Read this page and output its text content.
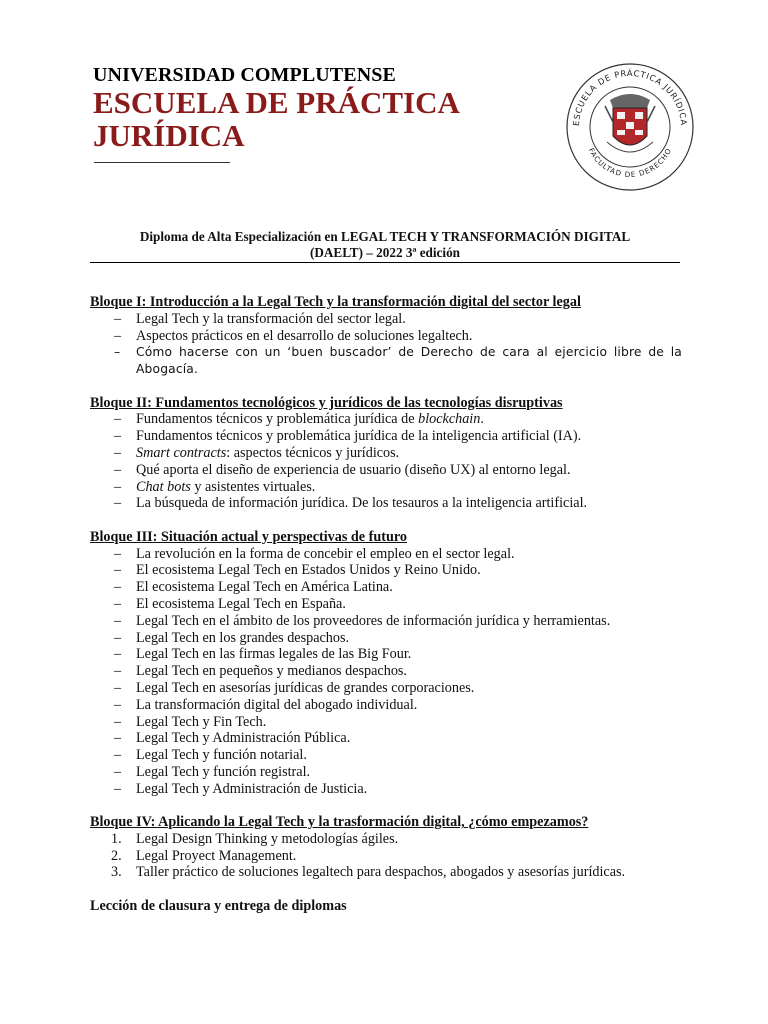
UNIVERSIDAD COMPLUTENSE
ESCUELA DE PRÁCTICA
JURÍDICA	ESCUELA DE PRÁCTICA JURÍDICA
FACULTAD DE DERECHO
Diploma de Alta Especialización en LEGAL TECH Y TRANSFORMACIÓN DIGITAL
(DAELT) – 2022 3ª edición
Bloque I: Introducción a la Legal Tech y la transformación digital del sector legal
– Legal Tech y la transformación del sector legal.
– Aspectos prácticos en el desarrollo de soluciones legaltech.
– Cómo hacerse con un ‘buen buscador’ de Derecho de cara al ejercicio libre de la Abogacía.
Bloque II: Fundamentos tecnológicos y jurídicos de las tecnologías disruptivas
– Fundamentos técnicos y problemática jurídica de blockchain.
– Fundamentos técnicos y problemática jurídica de la inteligencia artificial (IA).
– Smart contracts: aspectos técnicos y jurídicos.
– Qué aporta el diseño de experiencia de usuario (diseño UX) al entorno legal.
– Chat bots y asistentes virtuales.
– La búsqueda de información jurídica. De los tesauros a la inteligencia artificial.
Bloque III: Situación actual y perspectivas de futuro
– La revolución en la forma de concebir el empleo en el sector legal.
– El ecosistema Legal Tech en Estados Unidos y Reino Unido.
– El ecosistema Legal Tech en América Latina.
– El ecosistema Legal Tech en España.
– Legal Tech en el ámbito de los proveedores de información jurídica y herramientas.
– Legal Tech en los grandes despachos.
– Legal Tech en las firmas legales de las Big Four.
– Legal Tech en pequeños y medianos despachos.
– Legal Tech en asesorías jurídicas de grandes corporaciones.
– La transformación digital del abogado individual.
– Legal Tech y Fin Tech.
– Legal Tech y Administración Pública.
– Legal Tech y función notarial.
– Legal Tech y función registral.
– Legal Tech y Administración de Justicia.
Bloque IV: Aplicando la Legal Tech y la trasformación digital, ¿cómo empezamos?
1. Legal Design Thinking y metodologías ágiles.
2. Legal Proyect Management.
3. Taller práctico de soluciones legaltech para despachos, abogados y asesorías jurídicas.
Lección de clausura y entrega de diplomas
